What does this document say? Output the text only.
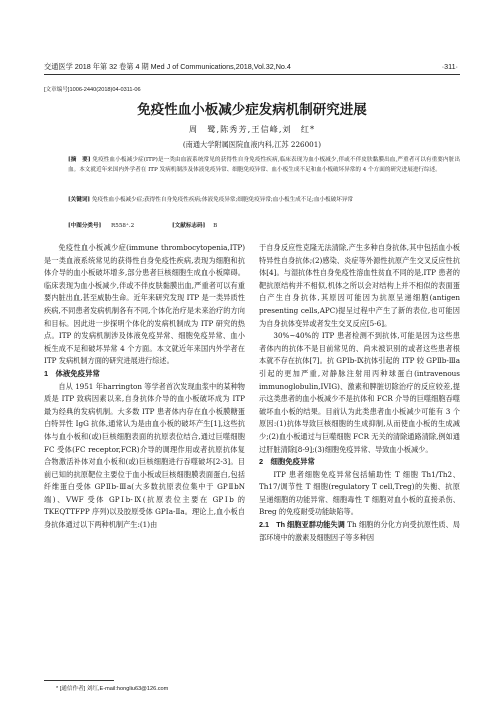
交通医学 2018 年第 32 卷第 4 期 Med J of Communications,2018,Vol.32,No.4	·311·
[文章编号]1006-2440(2018)04-0311-06
免疫性血小板减少症发病机制研究进展
周　鹭,陈秀芳,王信峰,刘　红*
(南通大学附属医院血液内科,江苏 226001)
[摘　要] 免疫性血小板减少症(ITP)是一类由血液系统常见的获得性自身免疫性疾病,临床表现为血小板减少,伴或不伴皮肤黏膜出血,严重者可以有重要内脏出血。本文就近年来国内外学者在 ITP 发病机制涉及体液免疫异常、细胞免疫异常、血小板生成不足和血小板破坏异常的 4 个方面的研究进展进行综述。
[关键词] 免疫性血小板减少症;获得性自身免疫性疾病;体液免疫异常;细胞免疫异常;血小板生成不足;血小板破坏异常
[中图分类号] R558⁺.2	[文献标志码] B

免疫性血小板减少症(immune thrombocytopenia,ITP)是一类血液系统常见的获得性自身免疫性疾病,表现为细胞和抗体介导的血小板破坏增多,部分患者巨核细胞生成血小板障碍。临床表现为血小板减少,伴或不伴皮肤黏膜出血,严重者可以有重要内脏出血,甚至威胁生命。近年来研究发现 ITP 是一类异质性疾病,不同患者发病机制各有不同,个体化治疗是未来治疗的方向和目标。因此进一步探明个体化的发病机制成为 ITP 研究的热点。ITP 的发病机制涉及体液免疫异常、细胞免疫异常、血小板生成不足和破坏异常 4 个方面。本文就近年来国内外学者在 ITP 发病机制方面的研究进展进行综述。

1　体液免疫异常

自从 1951 年harrington 等学者首次发现血浆中的某种物质是 ITP 致病因素以来,自身抗体介导的血小板破坏成为 ITP 最为经典的发病机制。大多数 ITP 患者体内存在血小板膜糖蛋白特异性 IgG 抗体,通常认为是由血小板的破坏产生[1],这些抗体与血小板和(或)巨核细胞表面的抗原表位结合,通过巨噬细胞 FC 受体(FC receptor,FCR)介导的调理作用或者抗原抗体复合物激活补体对血小板和(或)巨核细胞进行吞噬破坏[2-3]。目前已知的抗原靶位主要位于血小板或巨核细胞膜表面蛋白,包括纤维蛋白受体 GPⅡb-Ⅲa(大多数抗原表位集中于 GPⅡbN 端)、VWF 受体 GPⅠb-Ⅸ(抗原表位主要在 GPⅠb 的 TKEQTTFPP 序列)以及胶原受体 GPⅠa-Ⅱa。理论上,血小板自身抗体通过以下两种机制产生:(1)由

* [通信作者] 刘红,E-mail:hongliu63@126.com

于自身反应性克隆无法清除,产生多种自身抗体,其中包括血小板特异性自身抗体;(2)感染、炎症等外源性抗原产生交叉反应性抗体[4]。与湿抗体性自身免疫性溶血性贫血不同的是,ITP 患者的靶抗原结构并不相似,机体之所以会对结构上并不相似的表面蛋白产生自身抗体,其原因可能因为抗原呈递细胞(antigen presenting cells,APC)提呈过程中产生了新的表位,也可能因为自身抗体变异或者发生交叉反应[5-6]。

30%~40%的 ITP 患者检测不到抗体,可能是因为这些患者体内的抗体不是目前常见的、尚未被识别的或者这些患者根本就不存在抗体[7]。抗 GPⅠb-Ⅸ抗体引起的 ITP 较 GPⅡb-Ⅲa 引起的更加严重,对静脉注射用丙种球蛋白(intravenous immunoglobulin,IVIG)、激素和脾脏切除治疗的反应较差,提示这类患者的血小板减少不是抗体和 FCR 介导的巨噬细胞吞噬破坏血小板的结果。目前认为此类患者血小板减少可能有 3 个原因:(1)抗体导致巨核细胞的生成抑制,从而使血小板的生成减少;(2)血小板通过与巨噬细胞 FCR 无关的清除通路清除,例如通过肝脏清除[8-9];(3)细胞免疫异常、导致血小板减少。

2　细胞免疫异常

ITP 患者细胞免疫异常包括辅助性 T 细胞 Th1/Th2、Th17/调节性 T 细胞(regulatory T cell,Treg)的失衡、抗原呈递细胞的功能异常、细胞毒性 T 细胞对血小板的直接杀伤、Breg 的免疫耐受功能缺陷等。

2.1　Th 细胞亚群功能失调 Th 细胞的分化方向受抗原性质、局部环境中的激素及细胞因子等多种因
